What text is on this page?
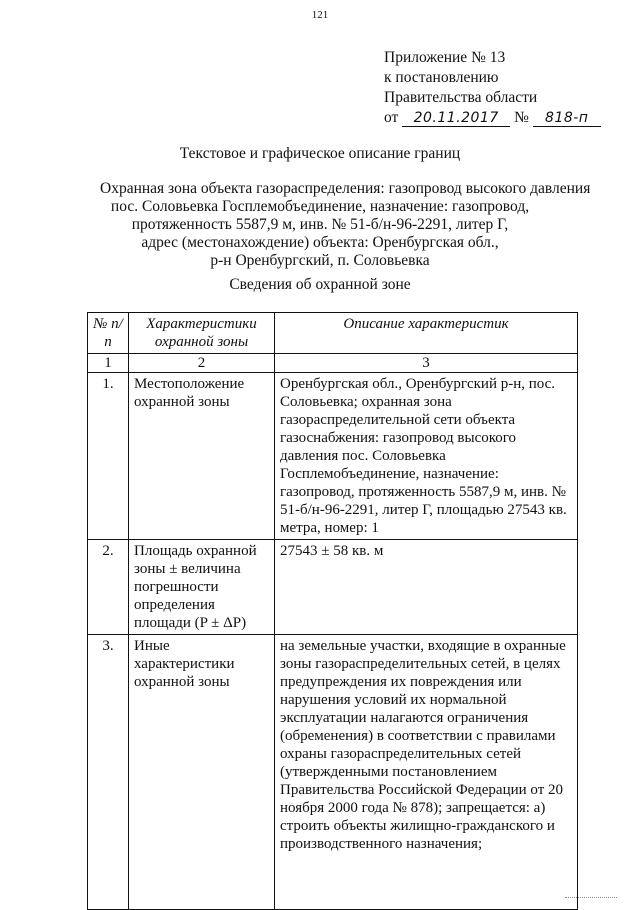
121
Приложение № 13
к постановлению
Правительства области
от 20.11.2017 № 818-п
Текстовое и графическое описание границ
Охранная зона объекта газораспределения: газопровод высокого давления
пос. Соловьевка Госплемобъединение, назначение: газопровод,
протяженность 5587,9 м, инв. № 51-б/н-96-2291, литер Г,
адрес (местонахождение) объекта: Оренбургская обл.,
р-н Оренбургский, п. Соловьевка
Сведения об охранной зоне
№ п/п	Характеристики охранной зоны	Описание характеристик
1	2	3
1.	Местоположение охранной зоны	Оренбургская обл., Оренбургский р-н, пос. Соловьевка; охранная зона газораспределительной сети объекта газоснабжения: газопровод высокого давления пос. Соловьевка Госплемобъединение, назначение: газопровод, протяженность 5587,9 м, инв. № 51-б/н-96-2291, литер Г, площадью 27543 кв. метра, номер: 1
2.	Площадь охранной зоны ± величина погрешности определения площади (P ± ΔP)	27543 ± 58 кв. м
3.	Иные характеристики охранной зоны	на земельные участки, входящие в охранные зоны газораспределительных сетей, в целях предупреждения их повреждения или нарушения условий их нормальной эксплуатации налагаются ограничения (обременения) в соответствии с правилами охраны газораспределительных сетей (утвержденными постановлением Правительства Российской Федерации от 20 ноября 2000 года № 878); запрещается: а) строить объекты жилищно-гражданского и производственного назначения;
